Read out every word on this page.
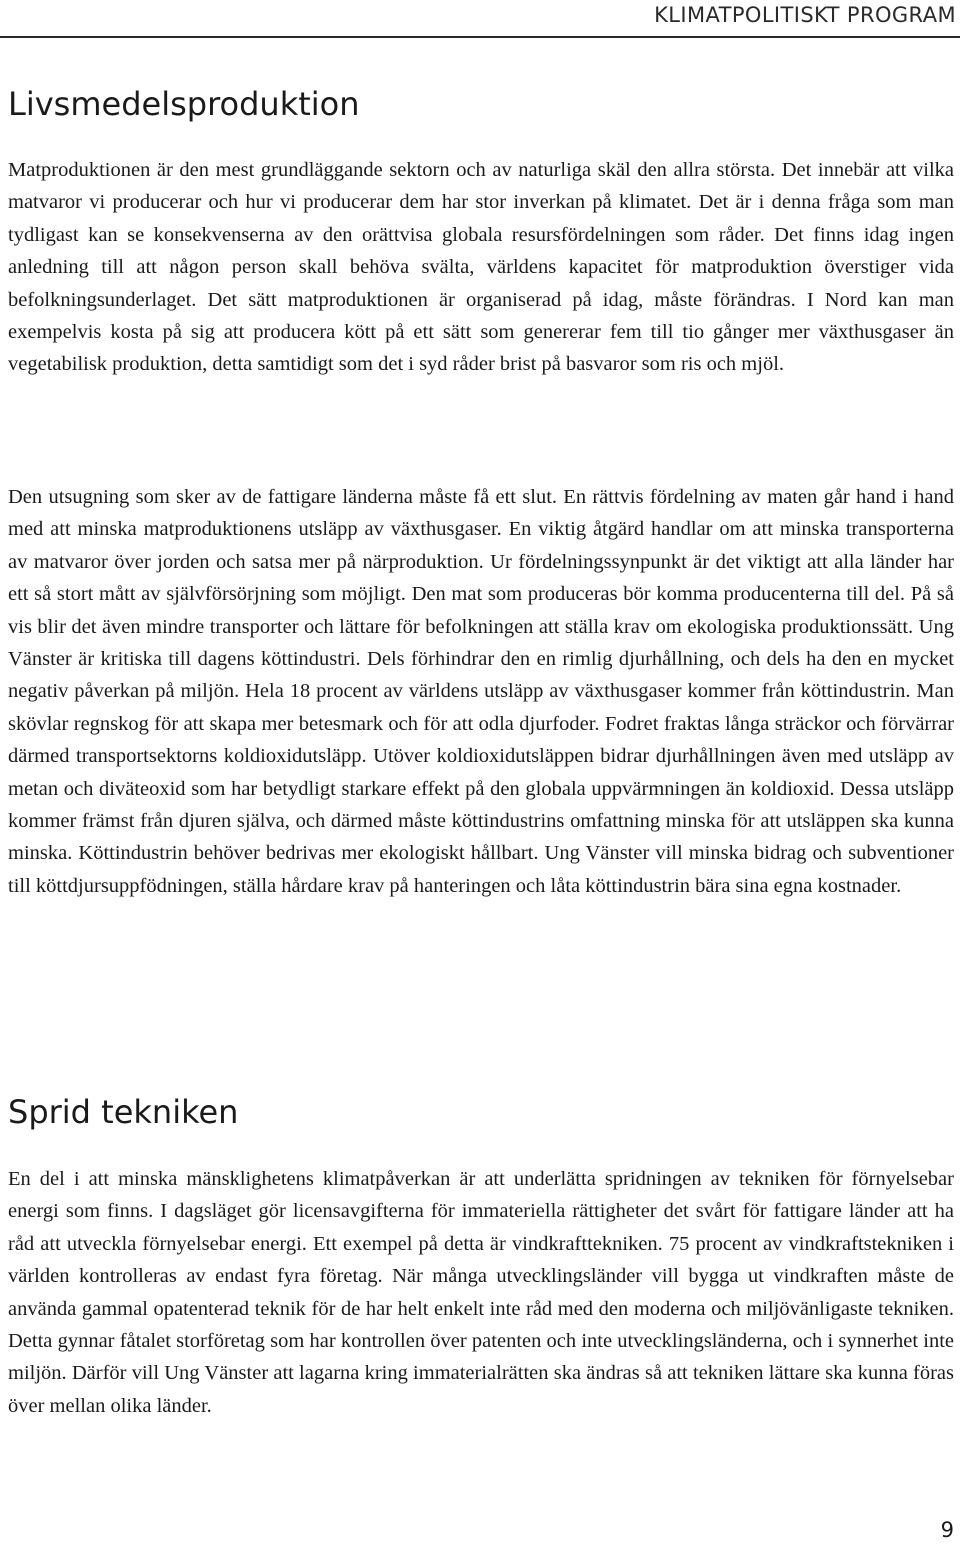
KLIMATPOLITISKT PROGRAM
Livsmedelsproduktion

Matproduktionen är den mest grundläggande sektorn och av naturliga skäl den allra största. Det innebär att vilka matvaror vi producerar och hur vi producerar dem har stor inverkan på klimatet. Det är i denna fråga som man tydligast kan se konsekvenserna av den orättvisa globala resursfördelningen som råder. Det finns idag ingen anledning till att någon person skall behöva svälta, världens kapacitet för matproduktion överstiger vida befolkningsunderlaget. Det sätt matproduktionen är organiserad på idag, måste förändras. I Nord kan man exempelvis kosta på sig att producera kött på ett sätt som genererar fem till tio gånger mer växthusgaser än vegetabilisk produktion, detta samtidigt som det i syd råder brist på basvaror som ris och mjöl.

Den utsugning som sker av de fattigare länderna måste få ett slut. En rättvis fördelning av maten går hand i hand med att minska matproduktionens utsläpp av växthusgaser. En viktig åtgärd handlar om att minska transporterna av matvaror över jorden och satsa mer på närproduktion. Ur fördelningssynpunkt är det viktigt att alla länder har ett så stort mått av självförsörjning som möjligt. Den mat som produceras bör komma producenterna till del. På så vis blir det även mindre transporter och lättare för befolkningen att ställa krav om ekologiska produktionssätt. Ung Vänster är kritiska till dagens köttindustri. Dels förhindrar den en rimlig djurhållning, och dels ha den en mycket negativ påverkan på miljön. Hela 18 procent av världens utsläpp av växthusgaser kommer från köttindustrin. Man skövlar regnskog för att skapa mer betesmark och för att odla djurfoder. Fodret fraktas långa sträckor och förvärrar därmed transportsektorns koldioxidutsläpp. Utöver koldioxidutsläppen bidrar djurhållningen även med utsläpp av metan och diväteoxid som har betydligt starkare effekt på den globala uppvärmningen än koldioxid. Dessa utsläpp kommer främst från djuren själva, och därmed måste köttindustrins omfattning minska för att utsläppen ska kunna minska. Köttindustrin behöver bedrivas mer ekologiskt hållbart. Ung Vänster vill minska bidrag och subventioner till köttdjursuppfödningen, ställa hårdare krav på hanteringen och låta köttindustrin bära sina egna kostnader.

Sprid tekniken

En del i att minska mänsklighetens klimatpåverkan är att underlätta spridningen av tekniken för förnyelsebar energi som finns. I dagsläget gör licensavgifterna för immateriella rättigheter det svårt för fattigare länder att ha råd att utveckla förnyelsebar energi. Ett exempel på detta är vindkrafttekniken. 75 procent av vindkraftstekniken i världen kontrolleras av endast fyra företag. När många utvecklingsländer vill bygga ut vindkraften måste de använda gammal opatenterad teknik för de har helt enkelt inte råd med den moderna och miljövänligaste tekniken. Detta gynnar fåtalet storföretag som har kontrollen över patenten och inte utvecklingsländerna, och i synnerhet inte miljön. Därför vill Ung Vänster att lagarna kring immaterialrätten ska ändras så att tekniken lättare ska kunna föras över mellan olika länder.

9
